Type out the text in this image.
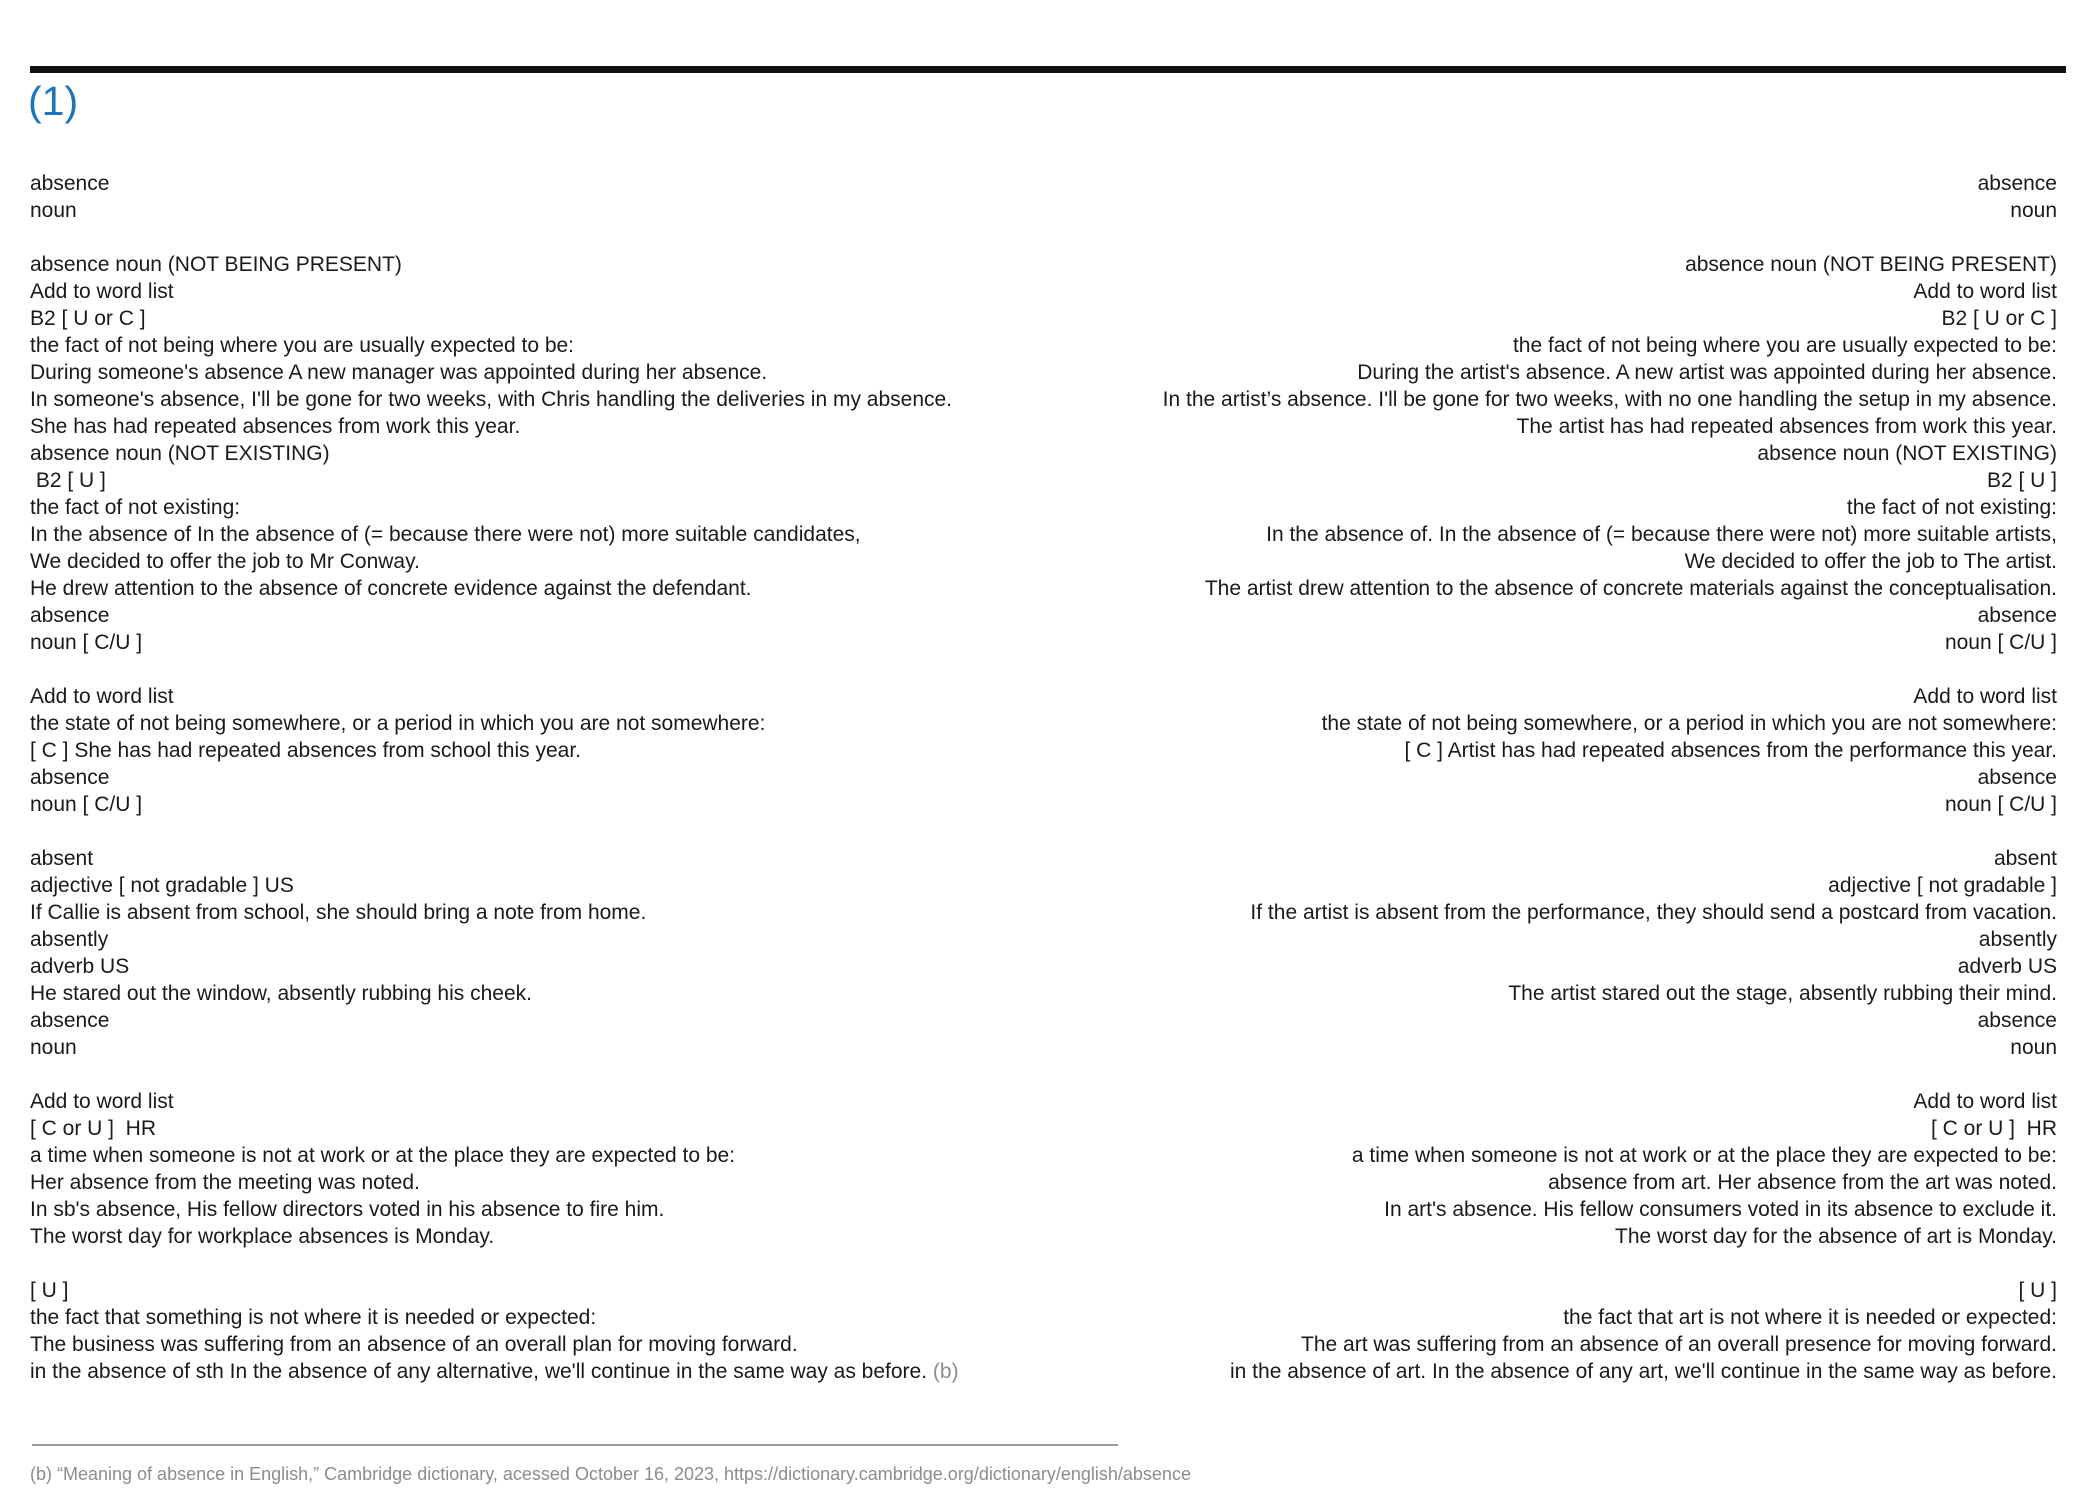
(1)
absence
noun
absence noun (NOT BEING PRESENT)
Add to word list
B2 [ U or C ]
the fact of not being where you are usually expected to be:
During someone's absence A new manager was appointed during her absence.
In someone's absence, I'll be gone for two weeks, with Chris handling the deliveries in my absence.
She has had repeated absences from work this year.
absence noun (NOT EXISTING)
B2 [ U ]
the fact of not existing:
In the absence of In the absence of (= because there were not) more suitable candidates,
We decided to offer the job to Mr Conway.
He drew attention to the absence of concrete evidence against the defendant.
absence
noun [ C/U ]
Add to word list
the state of not being somewhere, or a period in which you are not somewhere:
[ C ] She has had repeated absences from school this year.
absence
noun [ C/U ]
absent
adjective [ not gradable ] US
If Callie is absent from school, she should bring a note from home.
absently
adverb US
He stared out the window, absently rubbing his cheek.
absence
noun
Add to word list
[ C or U ]  HR
a time when someone is not at work or at the place they are expected to be:
Her absence from the meeting was noted.
In sb's absence, His fellow directors voted in his absence to fire him.
The worst day for workplace absences is Monday.
[ U ]
the fact that something is not where it is needed or expected:
The business was suffering from an absence of an overall plan for moving forward.
in the absence of sth In the absence of any alternative, we'll continue in the same way as before. (b)
absence
noun
absence noun (NOT BEING PRESENT)
Add to word list
B2 [ U or C ]
the fact of not being where you are usually expected to be:
During the artist's absence. A new artist was appointed during her absence.
In the artist’s absence. I'll be gone for two weeks, with no one handling the setup in my absence.
The artist has had repeated absences from work this year.
absence noun (NOT EXISTING)
B2 [ U ]
the fact of not existing:
In the absence of. In the absence of (= because there were not) more suitable artists,
We decided to offer the job to The artist.
The artist drew attention to the absence of concrete materials against the conceptualisation.
absence
noun [ C/U ]
Add to word list
the state of not being somewhere, or a period in which you are not somewhere:
[ C ] Artist has had repeated absences from the performance this year.
absence
noun [ C/U ]
absent
adjective [ not gradable ]
If the artist is absent from the performance, they should send a postcard from vacation.
absently
adverb US
The artist stared out the stage, absently rubbing their mind.
absence
noun
Add to word list
[ C or U ]  HR
a time when someone is not at work or at the place they are expected to be:
absence from art. Her absence from the art was noted.
In art's absence. His fellow consumers voted in its absence to exclude it.
The worst day for the absence of art is Monday.
[ U ]
the fact that art is not where it is needed or expected:
The art was suffering from an absence of an overall presence for moving forward.
in the absence of art. In the absence of any art, we'll continue in the same way as before.
(b) “Meaning of absence in English,” Cambridge dictionary, acessed October 16, 2023, https://dictionary.cambridge.org/dictionary/english/absence
